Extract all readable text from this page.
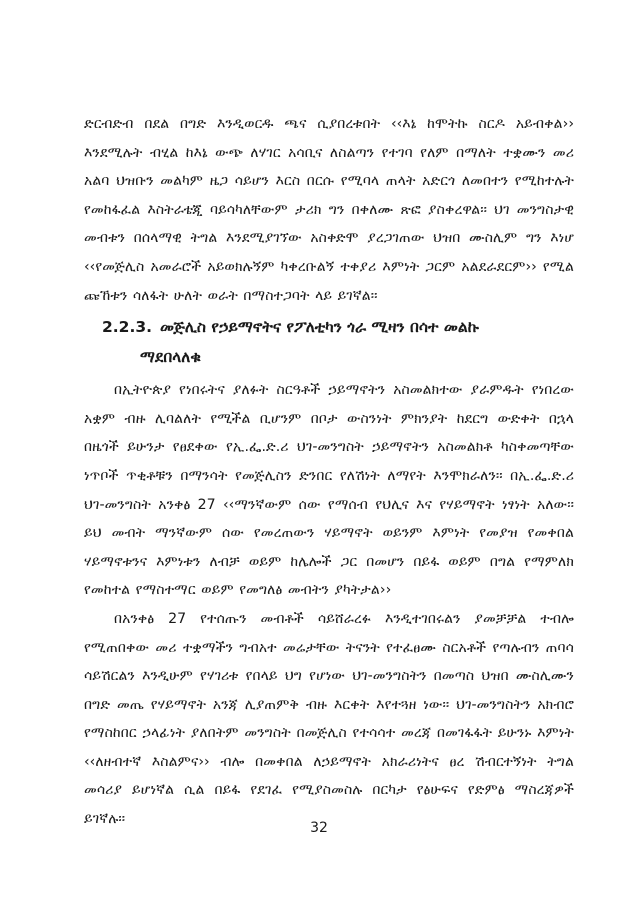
ድርብድብ በደል በግድ እንዲወርዱ ጫና ሲያበረቱበት ‹‹እኔ ከሞትኩ ስርዶ አይብቀል›› እንደሚሉት ብሂል ከእኔ ውጭ ለሃገር አሳቢና ለስልጣን የተገባ የለም በማለት ተቋሙን መሪ አልባ ህዝቡን መልካም ዜጋ ሳይሆን እርስ በርሱ የሚባላ ጠላት አድርጎ ለመበተን የሚከተሉት የመከፋፈል እስትራቴጂ ባይሳካለቸውም ታሪክ ግን በቀለሙ ጽፎ ያስቀረዋል፡፡ ህገ መንግስታዊ መብቱን በሰላማዊ ትግል እንደሚያገኘው አስቀድሞ ያረጋገጠው ህዝበ ሙስሊም ግን እነሆ ‹‹የመጅሊስ አመራሮች አይወክሉኝም ካቀረቡልኝ ተቀያሪ እምነት ጋርም አልደራደርም›› የሚል ጩኸቱን ሳለፋት ሁለት ወራት በማስተጋባት ላይ ይገኛል፡፡

2.2.3. መጅሊስ የኃይማኖትና የፖለቲካን ጎራ ሚዛን በሳተ መልኩ
ማደበላለቁ

በኢትዮጵያ የነበሩትና ያለፉት ስርዓቶች ኃይማኖትን አስመልክተው ያራምዱት የነበረው አቋም ብዙ ሊባልለት የሚችል ቢሆንም በቦታ ውስንነት ምክንያት ከደርግ ውድቀት በኋላ በዜጎች ይሁንታ የፀደቀው የኢ.ፌ.ድ.ሪ ህገ-መንግስት ኃይማኖትን አስመልክቶ ካስቀመጣቸው ነጥቦች ጥቂቶቹን በማንሳት የመጅሊስን ድንበር የለሽነት ለማየት እንሞክራለን፡፡ በኢ.ፌ.ድ.ሪ ህገ-መንግስት አንቀፅ 27 ‹‹ማንኛውም ሰው የማሰብ የህሊና እና የሃይማኖት ነፃነት አለው፡፡ ይህ መብት ማንኛውም ሰው የመረጠውን ሃይማኖት ወይንም እምነት የመያዝ የመቀበል ሃይማኖቱንና እምነቱን ለብቻ ወይም ከሌሎች ጋር በመሆን በይፋ ወይም በግል የማምለክ የመከተል የማስተማር ወይም የመግለፅ መብትን ያካትታል››

በአንቀፅ 27 የተሰጡን መብቶች ሳይሸራረፉ እንዲተገበሩልን ያመቻቻል ተብሎ የሚጠበቀው መሪ ተቋማችን ግብአተ መሬታቸው ትናንት የተፈፀሙ ስርአቶች የጣሉብን ጠባሳ ሳይሽርልን እንዲሁም የሃገሪቱ የበላይ ህግ የሆነው ህገ-መንግስትን በመጣስ ህዝበ ሙስሊሙን በግድ መጤ የሃይማኖት አንጃ ሊያጠምቅ ብዙ እርቀት እየተጓዘ ነው፡፡ ህገ-መንግስትን አክብሮ የማስከበር ኃላፊነት ያለበትም መንግስት በመጅሊስ የተሳሳተ መረጃ በመገፋፋት ይሁንኑ እምነት ‹‹ለዘብተኛ እስልምና›› ብሎ በመቀበል ለኃይማኖት አክራሪነትና ፀረ ሽብርተኝነት ትግል መሳሪያ ይሆነኛል ሲል በይፋ የደገፈ የሚያስመስሉ በርካታ የፅሁፍና የድምፅ ማስረጃዎች ይገኛሉ፡፡

32
